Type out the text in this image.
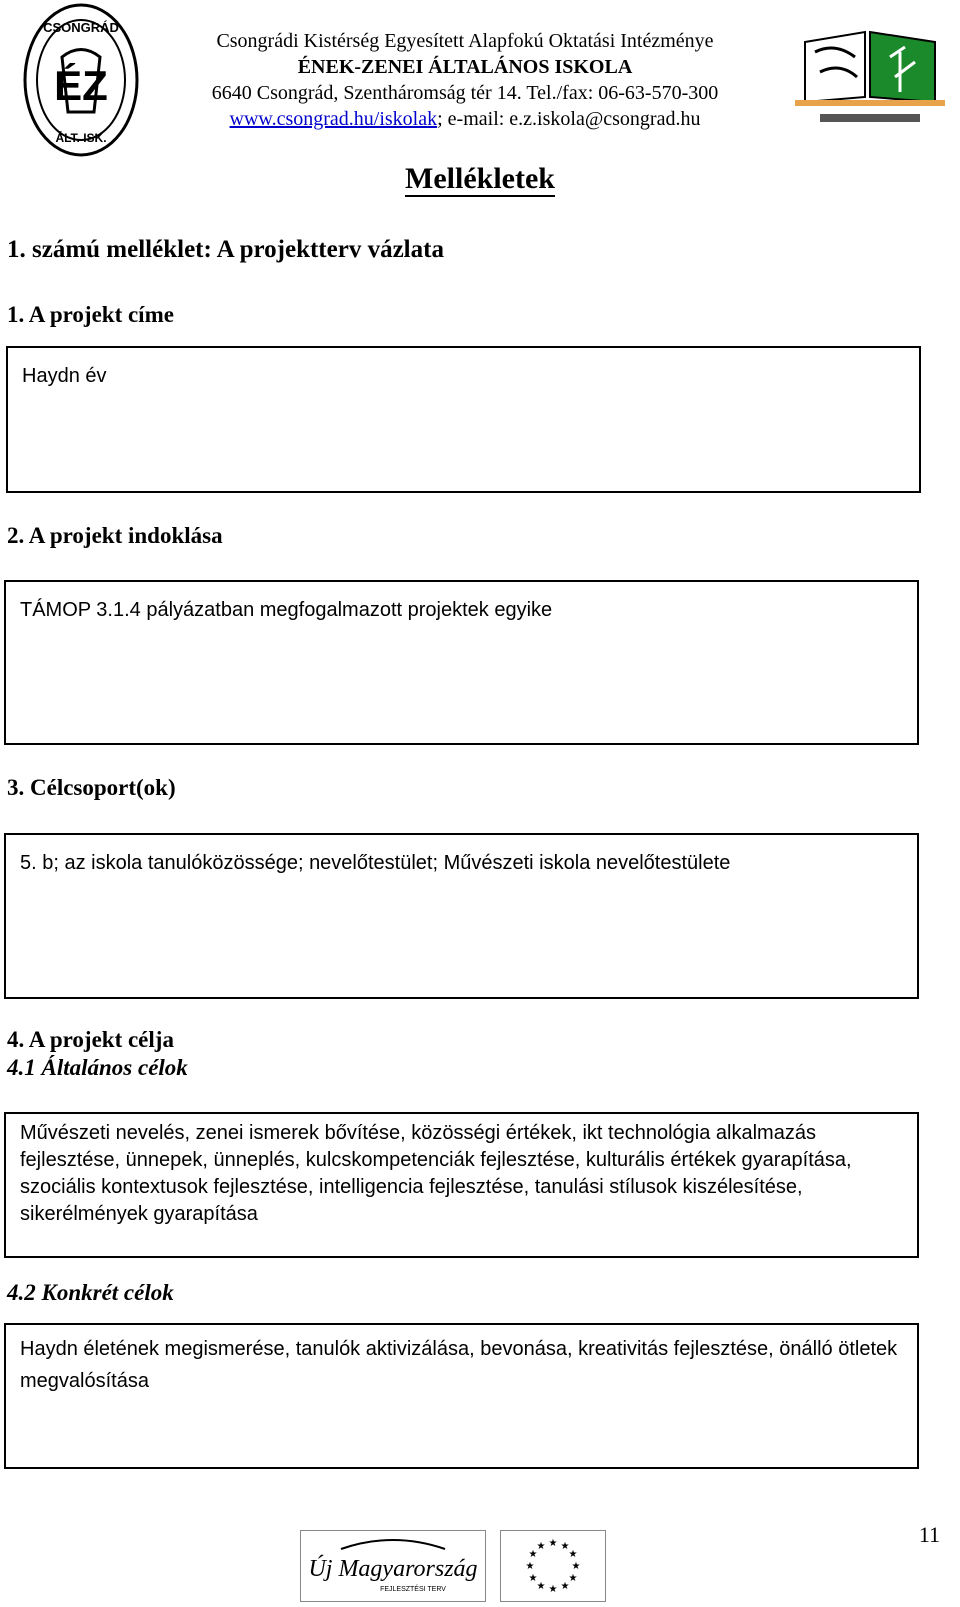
CSONGRÁD
ÉZ
ÁLT. ISK.
Csongrádi Kistérség Egyesített Alapfokú Oktatási Intézménye
ÉNEK-ZENEI ÁLTALÁNOS ISKOLA
6640 Csongrád, Szentháromság tér 14. Tel./fax: 06-63-570-300
www.csongrad.hu/iskolak; e-mail: e.z.iskola@csongrad.hu
Mellékletek
1. számú melléklet: A projektterv vázlata
1. A projekt címe
Haydn év
2. A projekt indoklása
TÁMOP 3.1.4 pályázatban megfogalmazott projektek egyike
3. Célcsoport(ok)
5. b; az iskola tanulóközössége; nevelőtestület; Művészeti iskola nevelőtestülete
4. A projekt célja
4.1 Általános célok
Művészeti nevelés, zenei ismerek bővítése, közösségi értékek, ikt technológia alkalmazás fejlesztése, ünnepek, ünneplés, kulcskompetenciák fejlesztése, kulturális értékek gyarapítása, szociális kontextusok fejlesztése, intelligencia fejlesztése, tanulási stílusok kiszélesítése, sikerélmények gyarapítása
4.2 Konkrét célok
Haydn életének megismerése, tanulók aktivizálása, bevonása, kreativitás fejlesztése, önálló ötletek megvalósítása
11
Új Magyarország
FEJLESZTÉSI TERV
★ ★
★
★
★
★
★
★
★
★
★
★
